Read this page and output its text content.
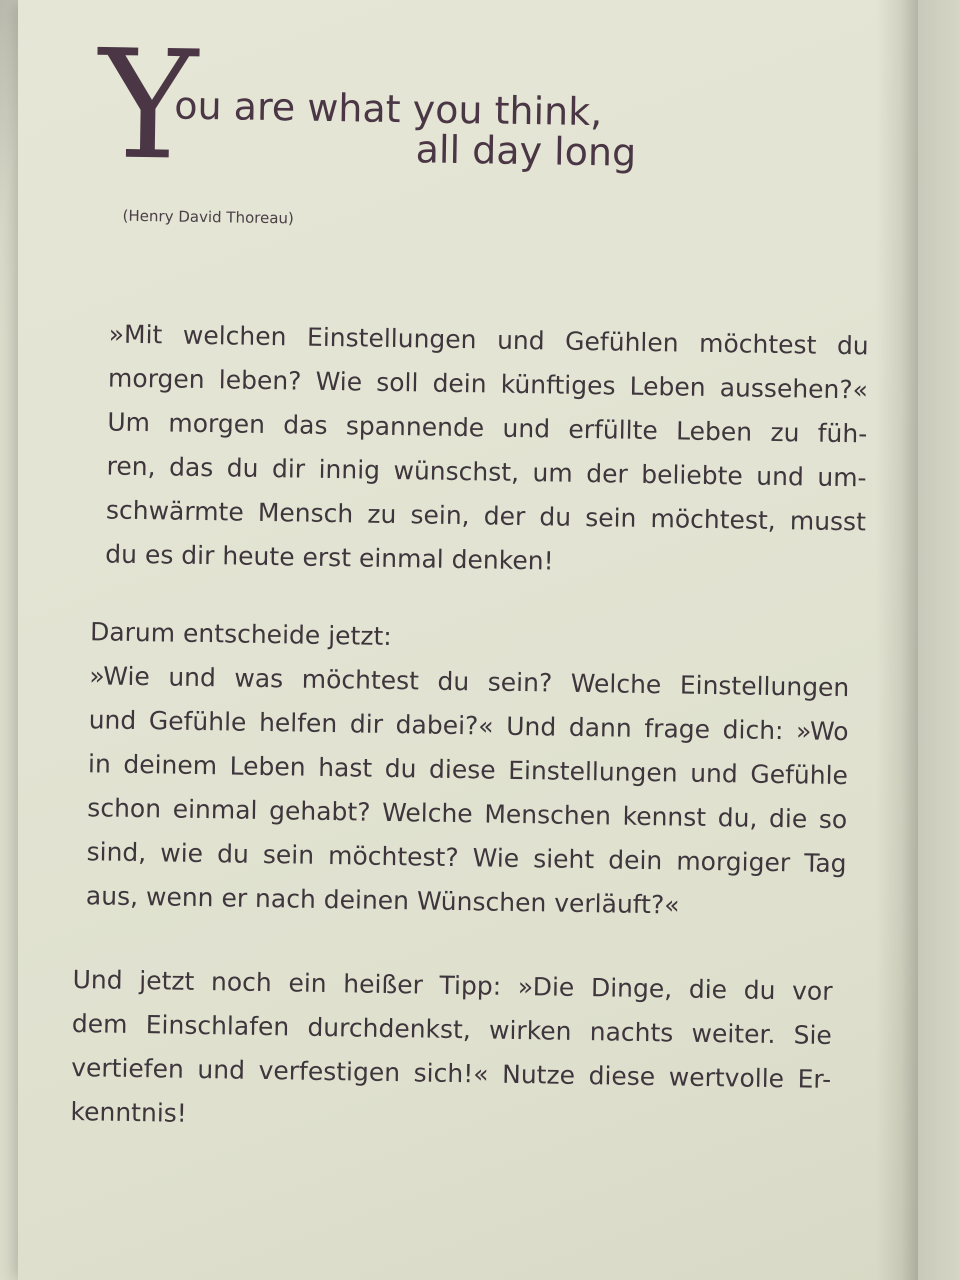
Y
ou are what you think,
all day long
(Henry David Thoreau)
»Mit welchen Einstellungen und Gefühlen möchtest du
morgen leben? Wie soll dein künftiges Leben aussehen?«
Um morgen das spannende und erfüllte Leben zu füh-
ren, das du dir innig wünschst, um der beliebte und um-
schwärmte Mensch zu sein, der du sein möchtest, musst
du es dir heute erst einmal denken!
Darum entscheide jetzt:
»Wie und was möchtest du sein? Welche Einstellungen
und Gefühle helfen dir dabei?« Und dann frage dich: »Wo
in deinem Leben hast du diese Einstellungen und Gefühle
schon einmal gehabt? Welche Menschen kennst du, die so
sind, wie du sein möchtest? Wie sieht dein morgiger Tag
aus, wenn er nach deinen Wünschen verläuft?«
Und jetzt noch ein heißer Tipp: »Die Dinge, die du vor
dem Einschlafen durchdenkst, wirken nachts weiter. Sie
vertiefen und verfestigen sich!« Nutze diese wertvolle Er-
kenntnis!
